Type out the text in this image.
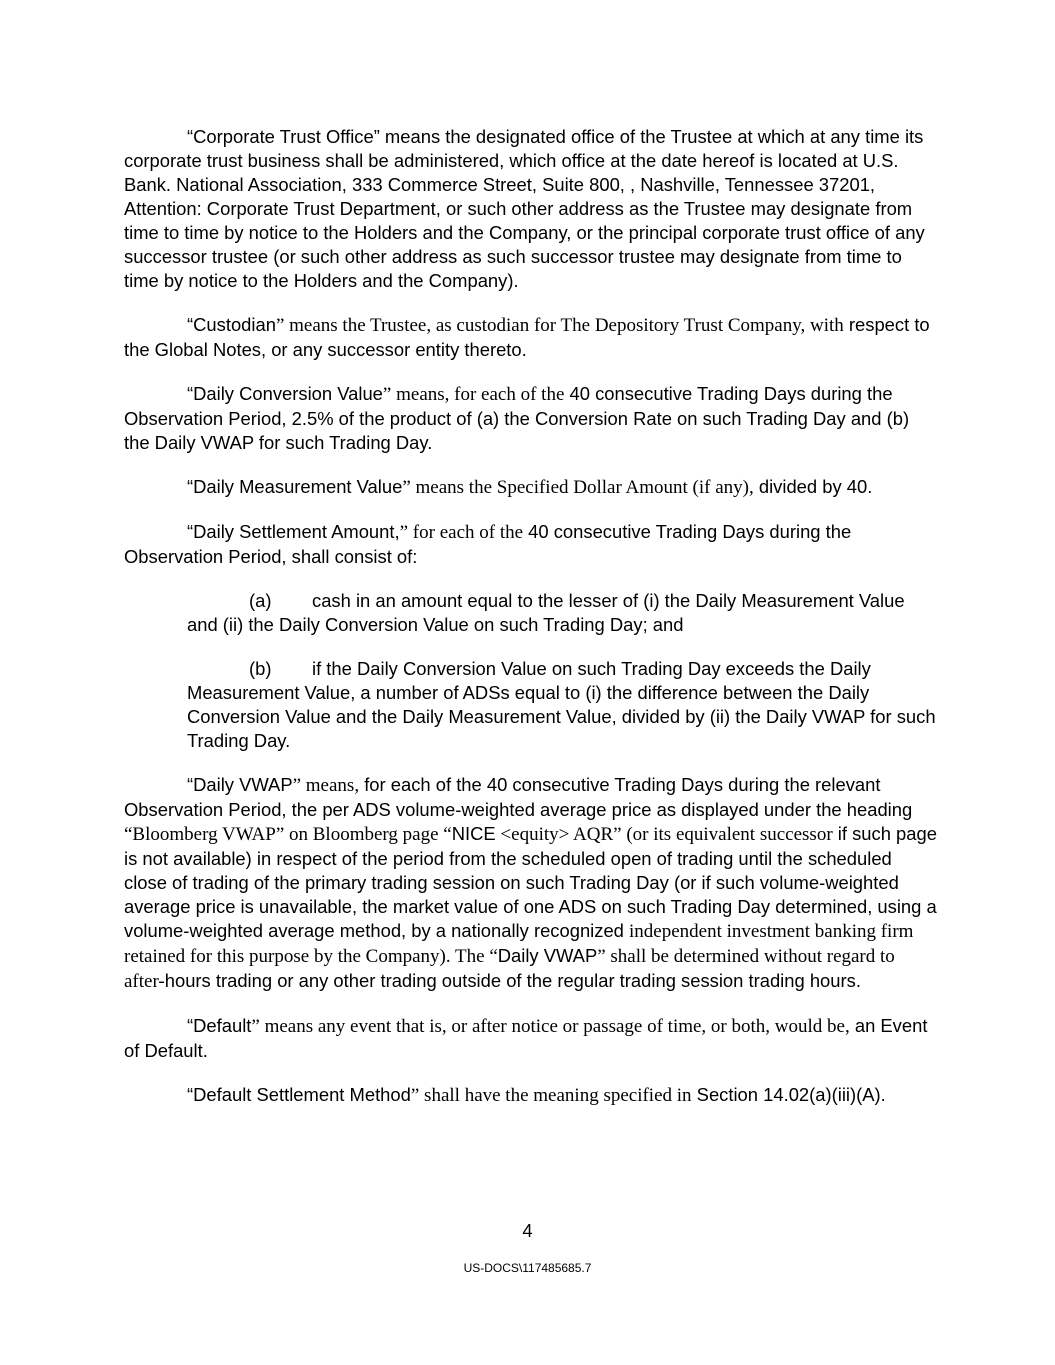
“Corporate Trust Office” means the designated office of the Trustee at which at any time its corporate trust business shall be administered, which office at the date hereof is located at U.S. Bank. National Association, 333 Commerce Street, Suite 800, , Nashville, Tennessee 37201, Attention: Corporate Trust Department, or such other address as the Trustee may designate from time to time by notice to the Holders and the Company, or the principal corporate trust office of any successor trustee (or such other address as such successor trustee may designate from time to time by notice to the Holders and the Company).

“Custodian” means the Trustee, as custodian for The Depository Trust Company, with respect to the Global Notes, or any successor entity thereto.

“Daily Conversion Value” means, for each of the 40 consecutive Trading Days during the Observation Period, 2.5% of the product of (a) the Conversion Rate on such Trading Day and (b) the Daily VWAP for such Trading Day.

“Daily Measurement Value” means the Specified Dollar Amount (if any), divided by 40.

“Daily Settlement Amount,” for each of the 40 consecutive Trading Days during the Observation Period, shall consist of:

(a) cash in an amount equal to the lesser of (i) the Daily Measurement Value and (ii) the Daily Conversion Value on such Trading Day; and

(b) if the Daily Conversion Value on such Trading Day exceeds the Daily Measurement Value, a number of ADSs equal to (i) the difference between the Daily Conversion Value and the Daily Measurement Value, divided by (ii) the Daily VWAP for such Trading Day.

“Daily VWAP” means, for each of the 40 consecutive Trading Days during the relevant Observation Period, the per ADS volume-weighted average price as displayed under the heading “Bloomberg VWAP” on Bloomberg page “NICE <equity> AQR” (or its equivalent successor if such page is not available) in respect of the period from the scheduled open of trading until the scheduled close of trading of the primary trading session on such Trading Day (or if such volume-weighted average price is unavailable, the market value of one ADS on such Trading Day determined, using a volume-weighted average method, by a nationally recognized independent investment banking firm retained for this purpose by the Company). The “Daily VWAP” shall be determined without regard to after-hours trading or any other trading outside of the regular trading session trading hours.

“Default” means any event that is, or after notice or passage of time, or both, would be, an Event of Default.

“Default Settlement Method” shall have the meaning specified in Section 14.02(a)(iii)(A).

4
US-DOCS\117485685.7
